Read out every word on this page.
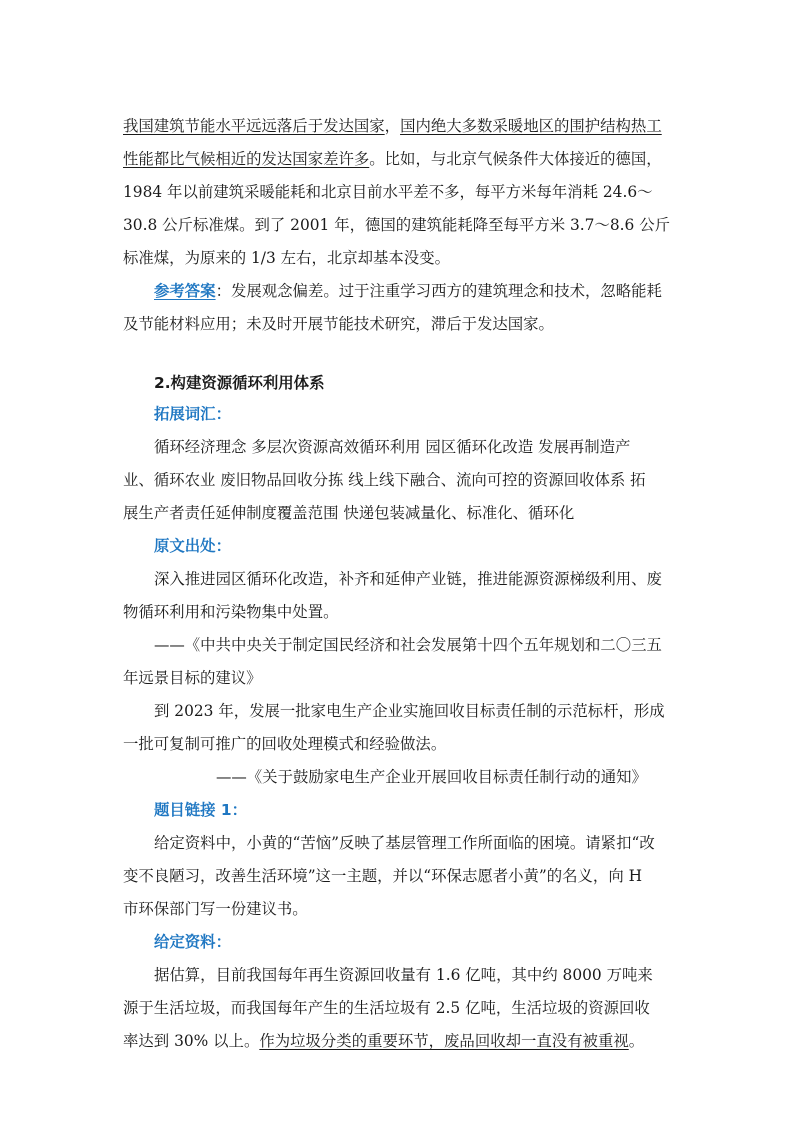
我国建筑节能水平远远落后于发达国家，国内绝大多数采暖地区的围护结构热工
性能都比气候相近的发达国家差许多。比如，与北京气候条件大体接近的德国，
1984 年以前建筑采暖能耗和北京目前水平差不多，每平方米每年消耗 24.6～
30.8 公斤标准煤。到了 2001 年，德国的建筑能耗降至每平方米 3.7～8.6 公斤
标准煤，为原来的 1/3 左右，北京却基本没变。
参考答案：发展观念偏差。过于注重学习西方的建筑理念和技术，忽略能耗
及节能材料应用；未及时开展节能技术研究，滞后于发达国家。
2.构建资源循环利用体系
拓展词汇：
循环经济理念 多层次资源高效循环利用 园区循环化改造 发展再制造产
业、循环农业 废旧物品回收分拣 线上线下融合、流向可控的资源回收体系 拓
展生产者责任延伸制度覆盖范围 快递包装减量化、标准化、循环化
原文出处：
深入推进园区循环化改造，补齐和延伸产业链，推进能源资源梯级利用、废
物循环利用和污染物集中处置。
——《中共中央关于制定国民经济和社会发展第十四个五年规划和二〇三五
年远景目标的建议》
到 2023 年，发展一批家电生产企业实施回收目标责任制的示范标杆，形成
一批可复制可推广的回收处理模式和经验做法。
——《关于鼓励家电生产企业开展回收目标责任制行动的通知》
题目链接 1：
给定资料中，小黄的“苦恼”反映了基层管理工作所面临的困境。请紧扣“改
变不良陋习，改善生活环境”这一主题，并以“环保志愿者小黄”的名义，向 H
市环保部门写一份建议书。
给定资料：
据估算，目前我国每年再生资源回收量有 1.6 亿吨，其中约 8000 万吨来
源于生活垃圾，而我国每年产生的生活垃圾有 2.5 亿吨，生活垃圾的资源回收
率达到 30% 以上。作为垃圾分类的重要环节，废品回收却一直没有被重视。
